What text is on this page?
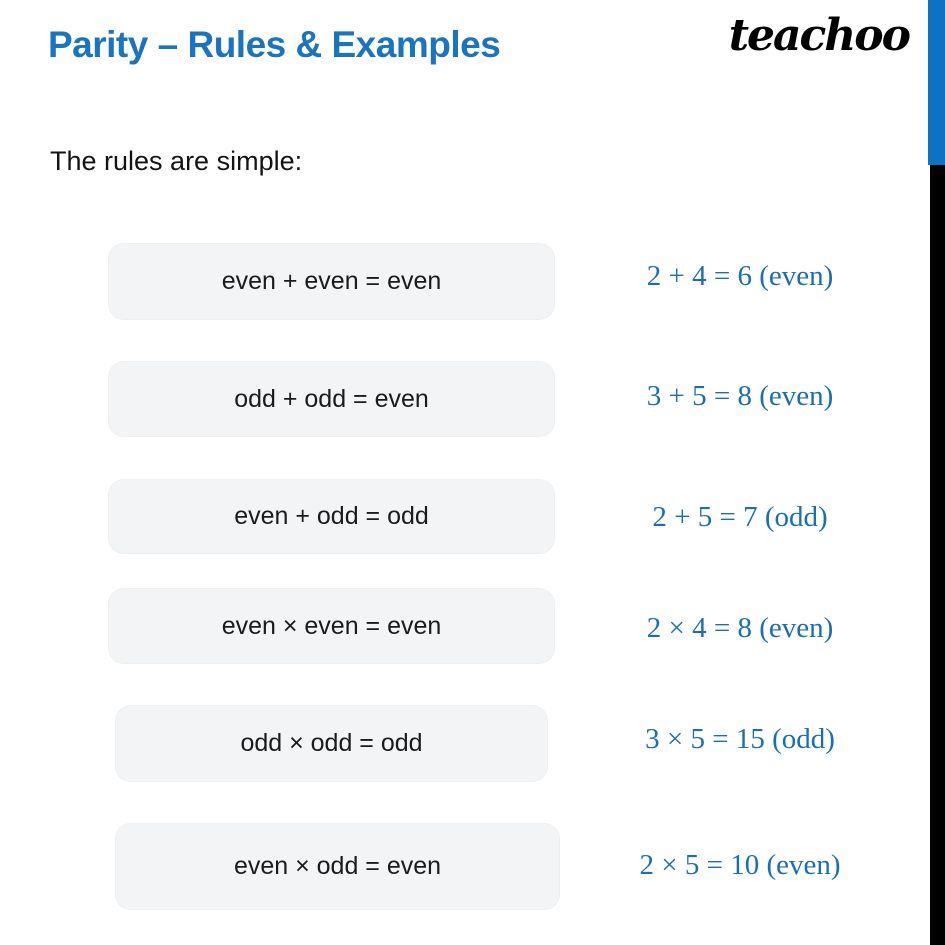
Parity – Rules & Examples	teachoo
The rules are simple:
even + even = even	2 + 4 = 6 (even)
odd + odd = even	3 + 5 = 8 (even)
even + odd = odd	2 + 5 = 7 (odd)
even × even = even	2 × 4 = 8 (even)
odd × odd = odd	3 × 5 = 15 (odd)
even × odd = even	2 × 5 = 10 (even)
